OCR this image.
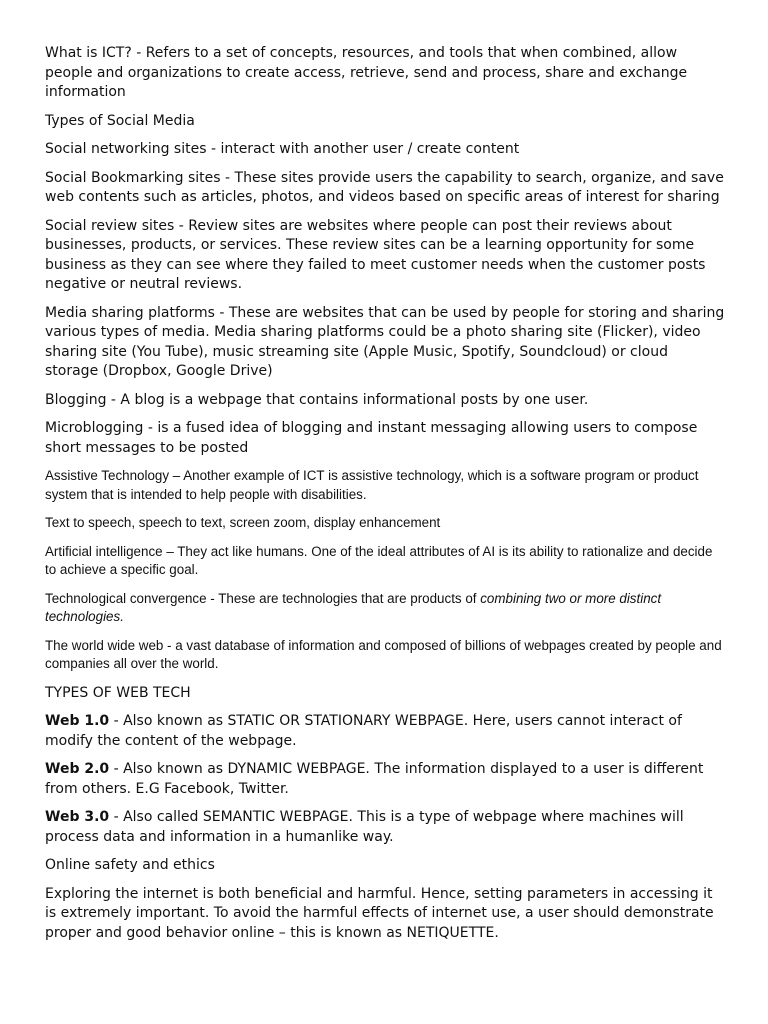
What is ICT? - Refers to a set of concepts, resources, and tools that when combined, allow people and organizations to create access, retrieve, send and process, share and exchange information

Types of Social Media

Social networking sites - interact with another user / create content

Social Bookmarking sites - These sites provide users the capability to search, organize, and save web contents such as articles, photos, and videos based on specific areas of interest for sharing

Social review sites - Review sites are websites where people can post their reviews about businesses, products, or services. These review sites can be a learning opportunity for some business as they can see where they failed to meet customer needs when the customer posts negative or neutral reviews.

Media sharing platforms - These are websites that can be used by people for storing and sharing various types of media. Media sharing platforms could be a photo sharing site (Flicker), video sharing site (You Tube), music streaming site (Apple Music, Spotify, Soundcloud) or cloud storage (Dropbox, Google Drive)

Blogging - A blog is a webpage that contains informational posts by one user.

Microblogging - is a fused idea of blogging and instant messaging allowing users to compose short messages to be posted

Assistive Technology – Another example of ICT is assistive technology, which is a software program or product system that is intended to help people with disabilities.

Text to speech, speech to text, screen zoom, display enhancement

Artificial intelligence – They act like humans. One of the ideal attributes of AI is its ability to rationalize and decide to achieve a specific goal.

Technological convergence - These are technologies that are products of combining two or more distinct technologies.

The world wide web - a vast database of information and composed of billions of webpages created by people and companies all over the world.

TYPES OF WEB TECH

Web 1.0 - Also known as STATIC OR STATIONARY WEBPAGE. Here, users cannot interact of modify the content of the webpage.

Web 2.0 - Also known as DYNAMIC WEBPAGE. The information displayed to a user is different from others. E.G Facebook, Twitter.

Web 3.0 - Also called SEMANTIC WEBPAGE. This is a type of webpage where machines will process data and information in a humanlike way.

Online safety and ethics

Exploring the internet is both beneficial and harmful. Hence, setting parameters in accessing it is extremely important. To avoid the harmful effects of internet use, a user should demonstrate proper and good behavior online – this is known as NETIQUETTE.
